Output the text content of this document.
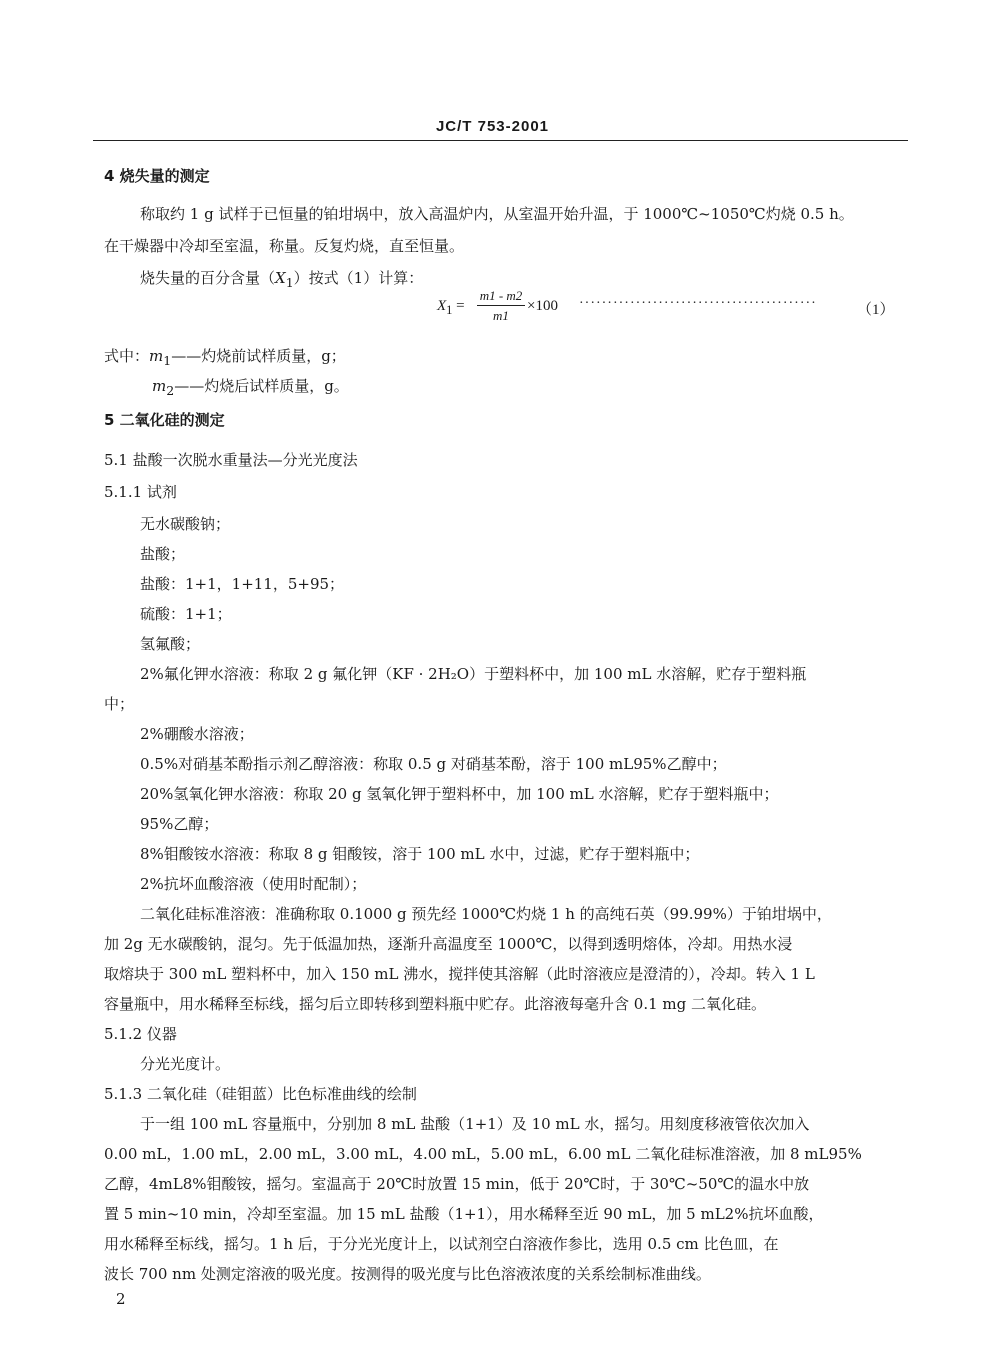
JC/T 753-2001
4 烧失量的测定
称取约 1 g 试样于已恒量的铂坩埚中，放入高温炉内，从室温开始升温，于 1000℃~1050℃灼烧 0.5 h。
在干燥器中冷却至室温，称量。反复灼烧，直至恒量。
烧失量的百分含量$(X_1)$按式（1）计算：
$X_1$ =
m1 - m2
m1
×100 ··········································	（1）
式中：$m_1——$灼烧前试样质量，g；
$m_2——$灼烧后试样质量，g。
5 二氧化硅的测定
5.1 盐酸一次脱水重量法—分光光度法
5.1.1 试剂
无水碳酸钠；
盐酸；
盐酸：1+1，1+11，5+95；
硫酸：1+1；
氢氟酸；
2%氟化钾水溶液：称取 2 g 氟化钾（KF · 2H₂O）于塑料杯中，加 100 mL 水溶解，贮存于塑料瓶
中；
2%硼酸水溶液；
0.5%对硝基苯酚指示剂乙醇溶液：称取 0.5 g 对硝基苯酚，溶于 100 mL95%乙醇中；
20%氢氧化钾水溶液：称取 20 g 氢氧化钾于塑料杯中，加 100 mL 水溶解，贮存于塑料瓶中；
95%乙醇；
8%钼酸铵水溶液：称取 8 g 钼酸铵，溶于 100 mL 水中，过滤，贮存于塑料瓶中；
2%抗坏血酸溶液（使用时配制）；
二氧化硅标准溶液：准确称取 0.1000 g 预先经 1000℃灼烧 1 h 的高纯石英（99.99%）于铂坩埚中，
加 2g 无水碳酸钠，混匀。先于低温加热，逐渐升高温度至 1000℃，以得到透明熔体，冷却。用热水浸
取熔块于 300 mL 塑料杯中，加入 150 mL 沸水，搅拌使其溶解（此时溶液应是澄清的），冷却。转入 1 L
容量瓶中，用水稀释至标线，摇匀后立即转移到塑料瓶中贮存。此溶液每毫升含 0.1 mg 二氧化硅。
5.1.2 仪器
分光光度计。
5.1.3 二氧化硅（硅钼蓝）比色标准曲线的绘制
于一组 100 mL 容量瓶中，分别加 8 mL 盐酸（1+1）及 10 mL 水，摇匀。用刻度移液管依次加入
0.00 mL，1.00 mL，2.00 mL，3.00 mL，4.00 mL，5.00 mL，6.00 mL 二氧化硅标准溶液，加 8 mL95%
乙醇，4mL8%钼酸铵，摇匀。室温高于 20℃时放置 15 min，低于 20℃时，于 30℃~50℃的温水中放
置 5 min~10 min，冷却至室温。加 15 mL 盐酸（1+1），用水稀释至近 90 mL，加 5 mL2%抗坏血酸，
用水稀释至标线，摇匀。1 h 后，于分光光度计上，以试剂空白溶液作参比，选用 0.5 cm 比色皿，在
波长 700 nm 处测定溶液的吸光度。按测得的吸光度与比色溶液浓度的关系绘制标准曲线。
2
